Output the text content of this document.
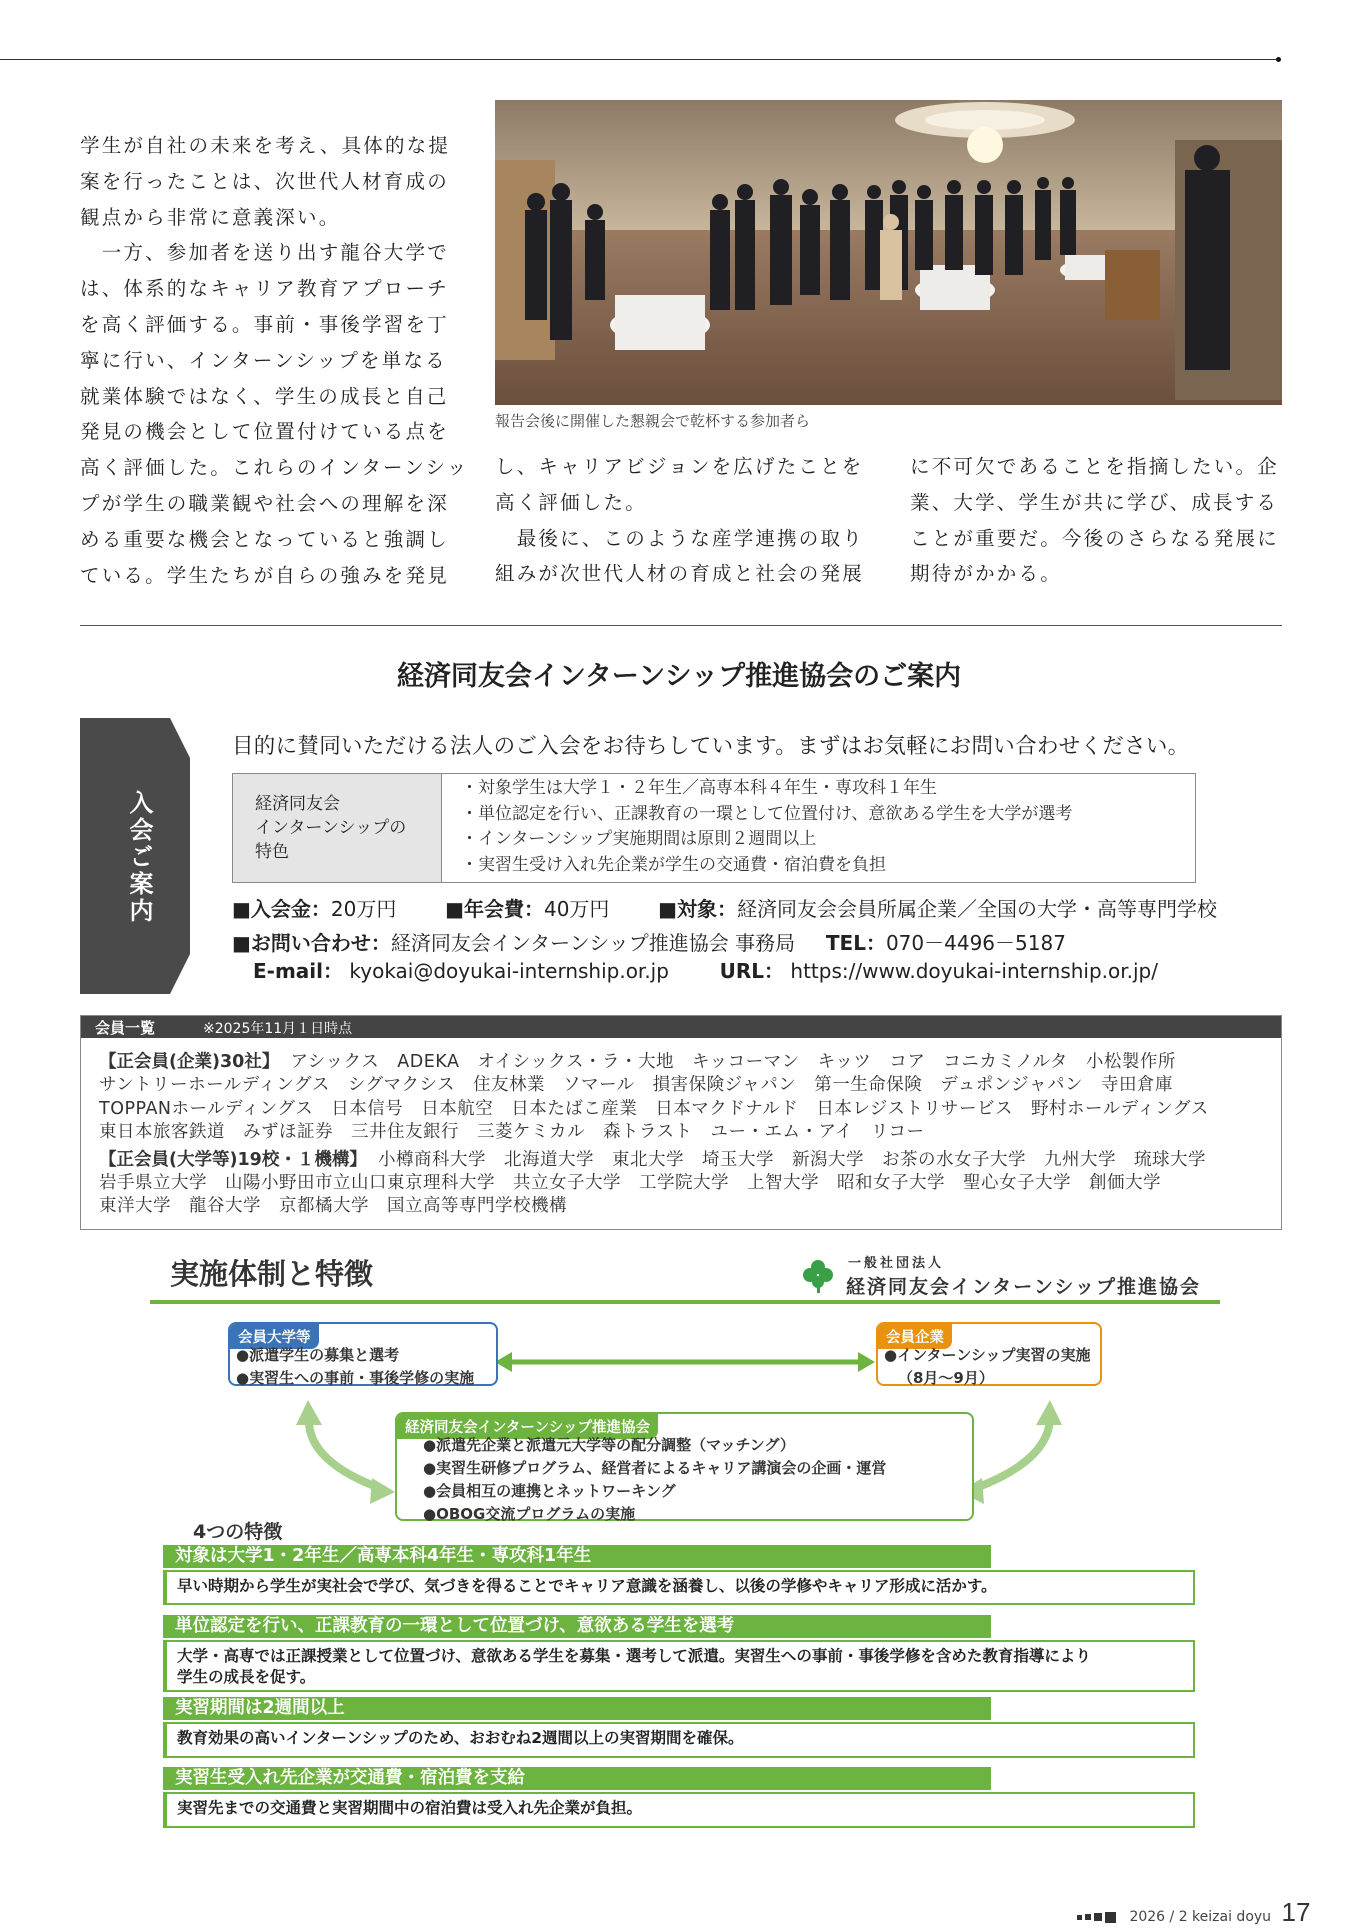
学生が自社の未来を考え、具体的な提

案を行ったことは、次世代人材育成の

観点から非常に意義深い。

　一方、参加者を送り出す龍谷大学で

は、体系的なキャリア教育アプローチ

を高く評価する。事前・事後学習を丁

寧に行い、インターンシップを単なる

就業体験ではなく、学生の成長と自己

発見の機会として位置付けている点を

高く評価した。これらのインターンシッ

プが学生の職業観や社会への理解を深

める重要な機会となっていると強調し

ている。学生たちが自らの強みを発見

報告会後に開催した懇親会で乾杯する参加者ら

し、キャリアビジョンを広げたことを

高く評価した。

　最後に、このような産学連携の取り

組みが次世代人材の育成と社会の発展

に不可欠であることを指摘したい。企

業、大学、学生が共に学び、成長する

ことが重要だ。今後のさらなる発展に

期待がかかる。

経済同友会インターンシップ推進協会のご案内
入会ご案内
目的に賛同いただける法人のご入会をお待ちしています。まずはお気軽にお問い合わせください。
経済同友会
インターンシップの
特色
・対象学生は大学１・２年生／高専本科４年生・専攻科１年生
・単位認定を行い、正課教育の一環として位置付け、意欲ある学生を大学が選考
・インターンシップ実施期間は原則２週間以上
・実習生受け入れ先企業が学生の交通費・宿泊費を負担
■入会金：20万円 ■年会費：40万円 ■対象：経済同友会会員所属企業／全国の大学・高等専門学校
■お問い合わせ：経済同友会インターンシップ推進協会 事務局 TEL：070－4496－5187
E-mail： kyokai@doyukai-internship.or.jp	URL： https://www.doyukai-internship.or.jp/
会員一覧	※2025年11月１日時点
【正会員(企業)30社】 アシックス　ADEKA　オイシックス・ラ・大地　キッコーマン　キッツ　コア　コニカミノルタ　小松製作所
サントリーホールディングス　シグマクシス　住友林業　ソマール　損害保険ジャパン　第一生命保険　デュポンジャパン　寺田倉庫
TOPPANホールディングス　日本信号　日本航空　日本たばこ産業　日本マクドナルド　日本レジストリサービス　野村ホールディングス
東日本旅客鉄道　みずほ証券　三井住友銀行　三菱ケミカル　森トラスト　ユー・エム・アイ　リコー
【正会員(大学等)19校・１機構】 小樽商科大学　北海道大学　東北大学　埼玉大学　新潟大学　お茶の水女子大学　九州大学　琉球大学
岩手県立大学　山陽小野田市立山口東京理科大学　共立女子大学　工学院大学　上智大学　昭和女子大学　聖心女子大学　創価大学
東洋大学　龍谷大学　京都橘大学　国立高等専門学校機構
実施体制と特徴	一般社団法人
経済同友会インターンシップ推進協会
会員大学等
●派遣学生の募集と選考
●実習生への事前・事後学修の実施
会員企業
●インターンシップ実習の実施
（8月～9月）
経済同友会インターンシップ推進協会
●派遣先企業と派遣元大学等の配分調整（マッチング）
●実習生研修プログラム、経営者によるキャリア講演会の企画・運営
●会員相互の連携とネットワーキング
●OBOG交流プログラムの実施
4つの特徴
対象は大学1・2年生／高専本科4年生・専攻科1年生
早い時期から学生が実社会で学び、気づきを得ることでキャリア意識を涵養し、以後の学修やキャリア形成に活かす。
単位認定を行い、正課教育の一環として位置づけ、意欲ある学生を選考
大学・高専では正課授業として位置づけ、意欲ある学生を募集・選考して派遣。実習生への事前・事後学修を含めた教育指導により
学生の成長を促す。
実習期間は2週間以上
教育効果の高いインターンシップのため、おおむね2週間以上の実習期間を確保。
実習生受入れ先企業が交通費・宿泊費を支給
実習先までの交通費と実習期間中の宿泊費は受入れ先企業が負担。
2026 / 2 keizai doyu 17
